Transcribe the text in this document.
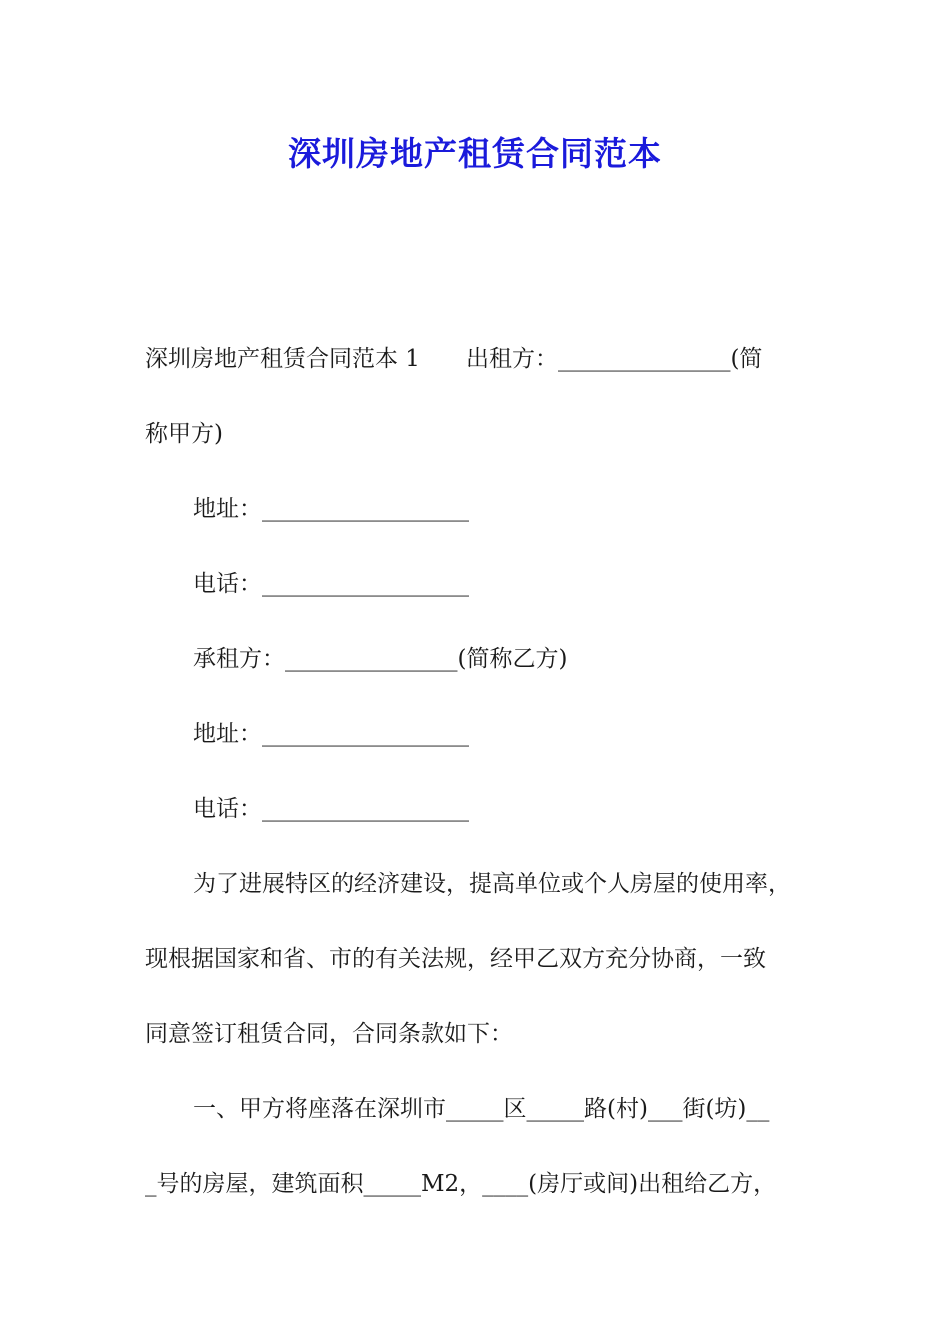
深圳房地产租赁合同范本

深圳房地产租赁合同范本 1　　出租方：_______________(简

称甲方)

地址：__________________

电话：__________________

承租方：_______________(简称乙方)

地址：__________________

电话：__________________

为了进展特区的经济建设，提高单位或个人房屋的使用率，

现根据国家和省、市的有关法规，经甲乙双方充分协商，一致

同意签订租赁合同，合同条款如下：

一、甲方将座落在深圳市_____区_____路(村)___街(坊)__

_号的房屋，建筑面积_____M2，____(房厅或间)出租给乙方，
